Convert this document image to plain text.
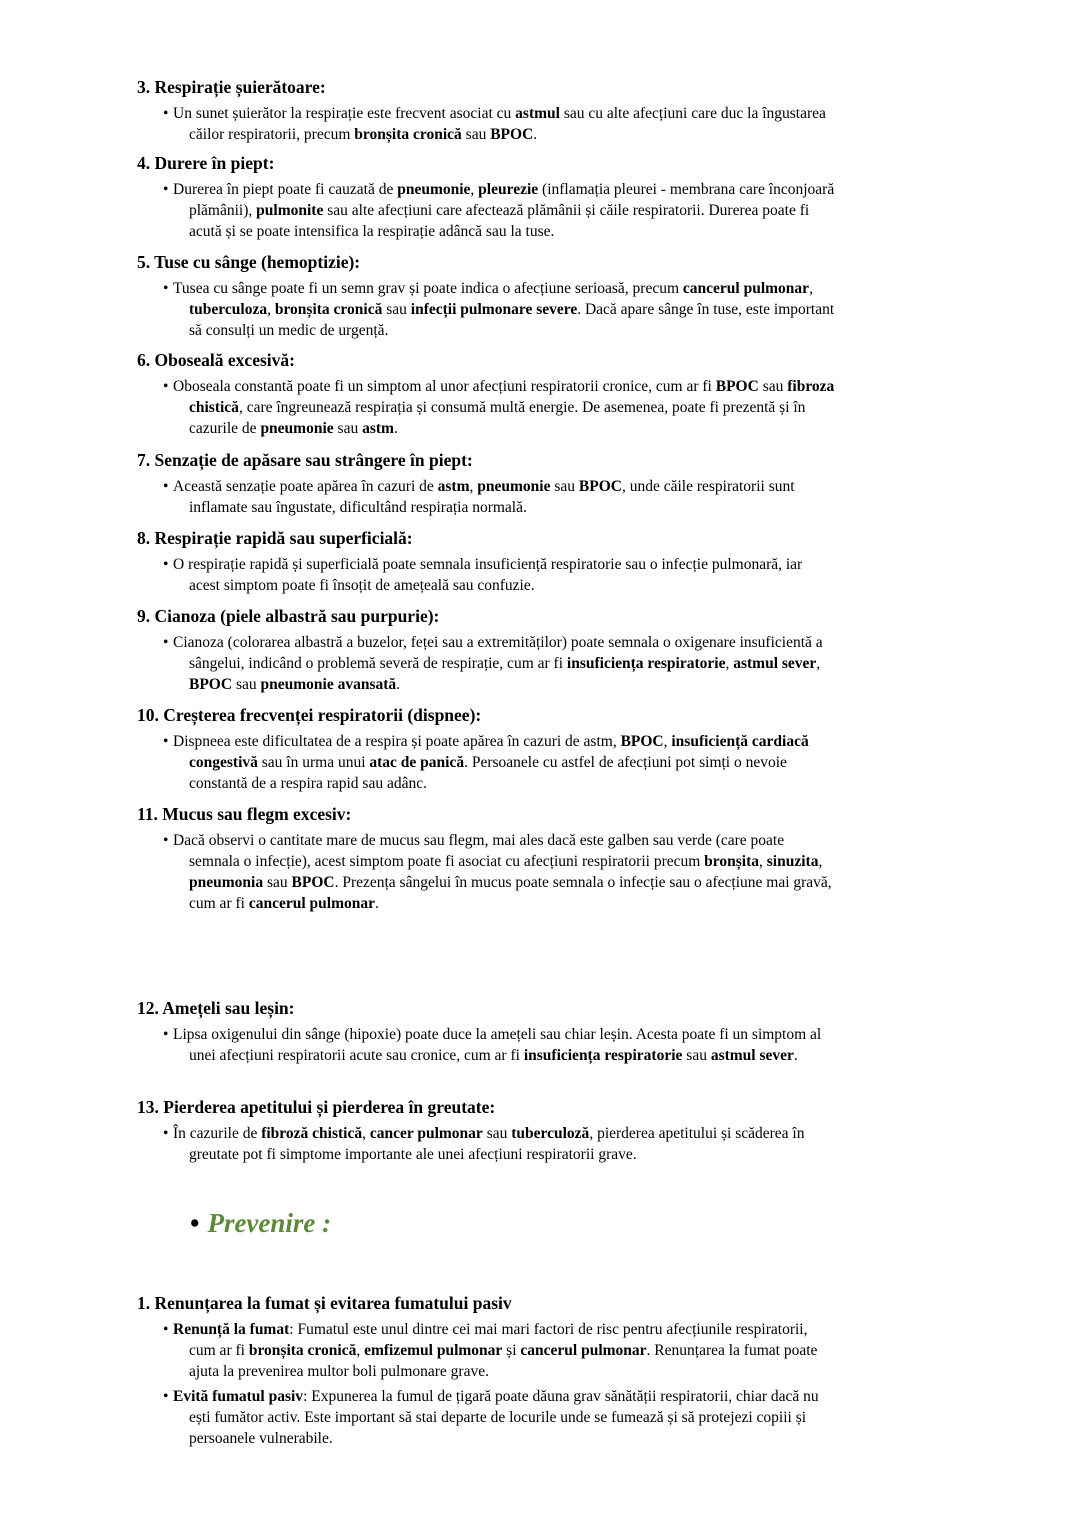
3. Respirație șuierătoare:
• Un sunet șuierător la respirație este frecvent asociat cu astmul sau cu alte afecțiuni care duc la îngustarea căilor respiratorii, precum bronșita cronică sau BPOC.
4. Durere în piept:
• Durerea în piept poate fi cauzată de pneumonie, pleurezie (inflamația pleurei - membrana care înconjoară plămânii), pulmonite sau alte afecțiuni care afectează plămânii și căile respiratorii. Durerea poate fi acută și se poate intensifica la respirație adâncă sau la tuse.
5. Tuse cu sânge (hemoptizie):
• Tusea cu sânge poate fi un semn grav și poate indica o afecțiune serioasă, precum cancerul pulmonar, tuberculoza, bronșita cronică sau infecții pulmonare severe. Dacă apare sânge în tuse, este important să consulți un medic de urgență.
6. Oboseală excesivă:
• Oboseala constantă poate fi un simptom al unor afecțiuni respiratorii cronice, cum ar fi BPOC sau fibroza chistică, care îngreunează respirația și consumă multă energie. De asemenea, poate fi prezentă și în cazurile de pneumonie sau astm.
7. Senzație de apăsare sau strângere în piept:
• Această senzație poate apărea în cazuri de astm, pneumonie sau BPOC, unde căile respiratorii sunt inflamate sau îngustate, dificultând respirația normală.
8. Respirație rapidă sau superficială:
• O respirație rapidă și superficială poate semnala insuficiență respiratorie sau o infecție pulmonară, iar acest simptom poate fi însoțit de amețeală sau confuzie.
9. Cianoza (piele albastră sau purpurie):
• Cianoza (colorarea albastră a buzelor, feței sau a extremităților) poate semnala o oxigenare insuficientă a sângelui, indicând o problemă severă de respirație, cum ar fi insuficiența respiratorie, astmul sever, BPOC sau pneumonie avansată.
10. Creșterea frecvenței respiratorii (dispnee):
• Dispneea este dificultatea de a respira și poate apărea în cazuri de astm, BPOC, insuficiență cardiacă congestivă sau în urma unui atac de panică. Persoanele cu astfel de afecțiuni pot simți o nevoie constantă de a respira rapid sau adânc.
11. Mucus sau flegm excesiv:
• Dacă observi o cantitate mare de mucus sau flegm, mai ales dacă este galben sau verde (care poate semnala o infecție), acest simptom poate fi asociat cu afecțiuni respiratorii precum bronșita, sinuzita, pneumonia sau BPOC. Prezența sângelui în mucus poate semnala o infecție sau o afecțiune mai gravă, cum ar fi cancerul pulmonar.
12. Amețeli sau leșin:
• Lipsa oxigenului din sânge (hipoxie) poate duce la amețeli sau chiar leșin. Acesta poate fi un simptom al unei afecțiuni respiratorii acute sau cronice, cum ar fi insuficiența respiratorie sau astmul sever.
13. Pierderea apetitului și pierderea în greutate:
• În cazurile de fibroză chistică, cancer pulmonar sau tuberculoză, pierderea apetitului și scăderea în greutate pot fi simptome importante ale unei afecțiuni respiratorii grave.
• Prevenire :
1. Renunțarea la fumat și evitarea fumatului pasiv
• Renunță la fumat: Fumatul este unul dintre cei mai mari factori de risc pentru afecțiunile respiratorii, cum ar fi bronșita cronică, emfizemul pulmonar și cancerul pulmonar. Renunțarea la fumat poate ajuta la prevenirea multor boli pulmonare grave.
• Evită fumatul pasiv: Expunerea la fumul de țigară poate dăuna grav sănătății respiratorii, chiar dacă nu ești fumător activ. Este important să stai departe de locurile unde se fumează și să protejezi copiii și persoanele vulnerabile.
